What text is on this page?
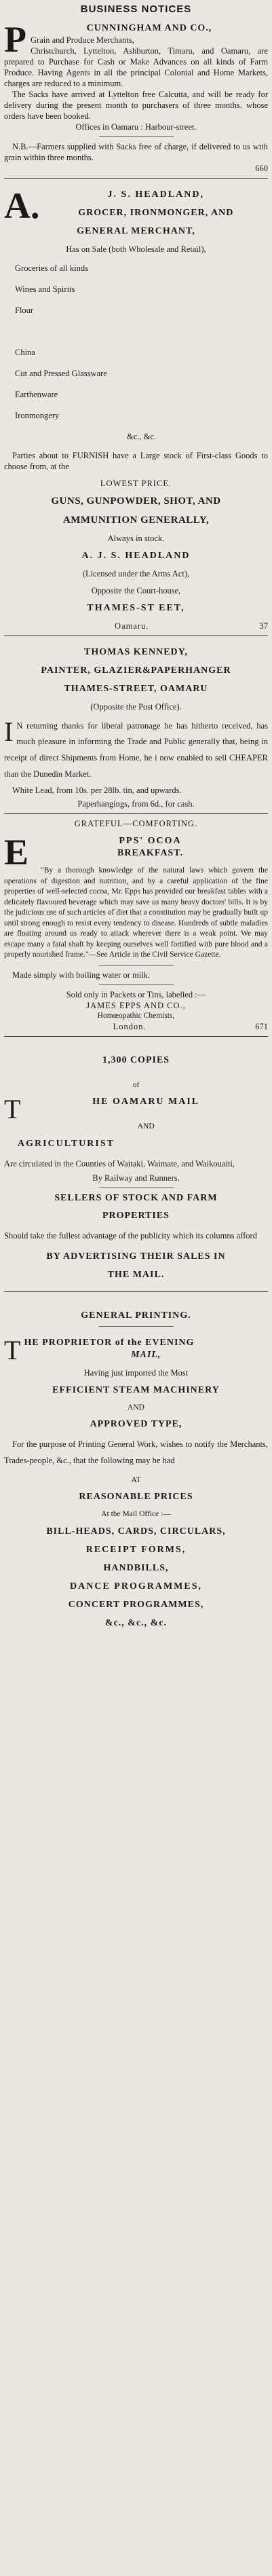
BUSINESS NOTICES
P	CUNNINGHAM AND CO.,
Grain and Produce Merchants,
Christchurch, Lyttelton, Ashburton, Timaru, and Oamaru, are prepared to Purchase for Cash or Make Advances on all kinds of Farm Produce. Having Agents in all the principal Colonial and Home Markets, charges are reduced to a minimum.
The Sacks have arrived at Lyttelton free Calcutta, and will be ready for delivery during the present month to purchasers of three months. whose orders have been booked.
Offices in Oamaru : Harbour-street.
N.B.—Farmers supplied with Sacks free of charge, if delivered to us with grain within three months.
660
A.	J. S. HEADLAND,
GROCER, IRONMONGER, AND
GENERAL MERCHANT,
Has on Sale (both Wholesale and Retail),
Groceries of all kinds
Wines and Spirits
Flour
China
Cut and Pressed Glassware
Earthenware
Ironmongery
&c., &c.
Parties about to FURNISH have a Large stock of First-class Goods to choose from, at the
LOWEST PRICE.
GUNS, GUNPOWDER, SHOT, AND
AMMUNITION GENERALLY,
Always in stock.
A. J. S. HEADLAND
(Licensed under the Arms Act),
Opposite the Court-house,
THAMES-ST EET,
Oamaru.	37
THOMAS KENNEDY,
PAINTER, GLAZIER&PAPERHANGER
THAMES-STREET, OAMARU
(Opposite the Post Office).
I N returning thanks for liberal patronage he has hitherto received, has much pleasure in informing the Trade and Public generally that, being in receipt of direct Shipments from Home, he i now enabled to sell CHEAPER than the Dunedin Market.
White Lead, from 10s. per 28lb. tin, and upwards.
Paperhangings, from 6d., for cash.
GRATEFUL—COMFORTING.
E	PPS' OCOA
BREAKFAST.
"By a thorough knowledge of the natural laws which govern the operations of digestion and nutrition, and by a careful application of the fine properties of well-selected cocoa, Mr. Epps has provided our breakfast tables with a delicately flavoured beverage which may save us many heavy doctors' bills. It is by the judicious use of such articles of diet that a constitution may be gradually built up until strong enough to resist every tendency to disease. Hundreds of subtle maladies are floating around us ready to attack wherever there is a weak point. We may escape many a fatal shaft by keeping ourselves well fortified with pure blood and a properly nourished frame."—See Article in the Civil Service Gazette.
Made simply with boiling water or milk.
Sold only in Packets or Tins, labelled :—
JAMES EPPS AND CO.,
Homœopathic Chemists,
London.	671
1,300 COPIES
of
T	HE OAMARU MAIL
AND
AGRICULTURIST
Are circulated in the Counties of Waitaki, Waimate, and Waikouaiti,
By Railway and Runners.
SELLERS OF STOCK AND FARM
PROPERTIES
Should take the fullest advantage of the publicity which its columns afford
BY ADVERTISING THEIR SALES IN
THE MAIL.
GENERAL PRINTING.
T HE PROPRIETOR of the EVENING
MAIL,
Having just imported the Most
EFFICIENT STEAM MACHINERY
AND
APPROVED TYPE,
For the purpose of Printing General Work, wishes to notify the Merchants, Trades-people, &c., that the following may be had
AT
REASONABLE PRICES
At the Mail Office :—
BILL-HEADS, CARDS, CIRCULARS,
RECEIPT FORMS,
HANDBILLS,
DANCE PROGRAMMES,
CONCERT PROGRAMMES,
&c., &c., &c.
